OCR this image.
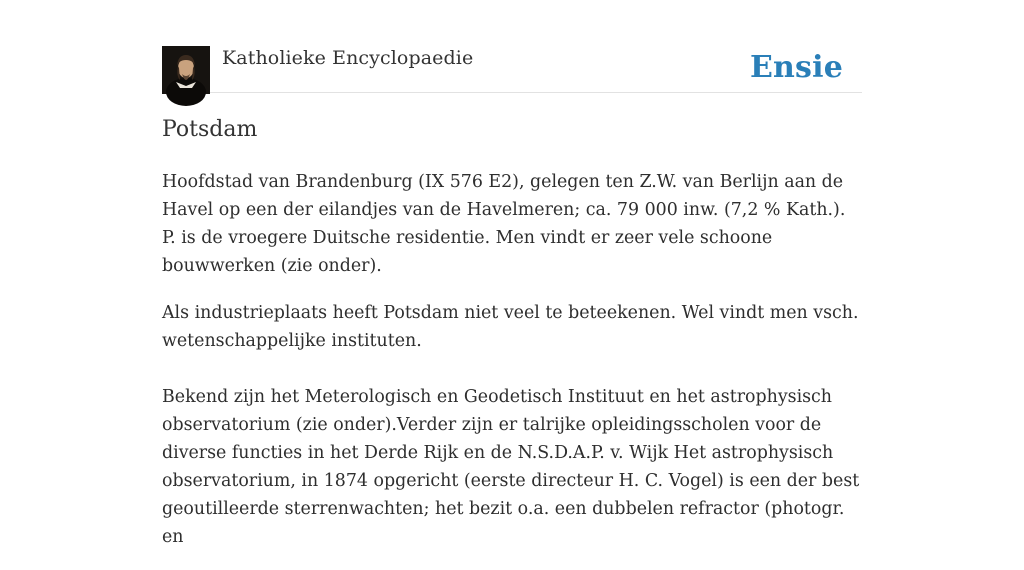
Katholieke Encyclopaedie	Ensie
Potsdam

Hoofdstad van Brandenburg (IX 576 E2), gelegen ten Z.W. van Berlijn aan de Havel op een der eilandjes van de Havelmeren; ca. 79 000 inw. (7,2 % Kath.). P. is de vroegere Duitsche residentie. Men vindt er zeer vele schoone bouwwerken (zie onder).

Als industrieplaats heeft Potsdam niet veel te beteekenen. Wel vindt men vsch. wetenschappelijke instituten.

Bekend zijn het Meterologisch en Geodetisch Instituut en het astrophysisch observatorium (zie onder).Verder zijn er talrijke opleidingsscholen voor de diverse functies in het Derde Rijk en de N.S.D.A.P. v. Wijk Het astrophysisch observatorium, in 1874 opgericht (eerste directeur H. C. Vogel) is een der best geoutilleerde sterrenwachten; het bezit o.a. een dubbelen refractor (photogr. en
